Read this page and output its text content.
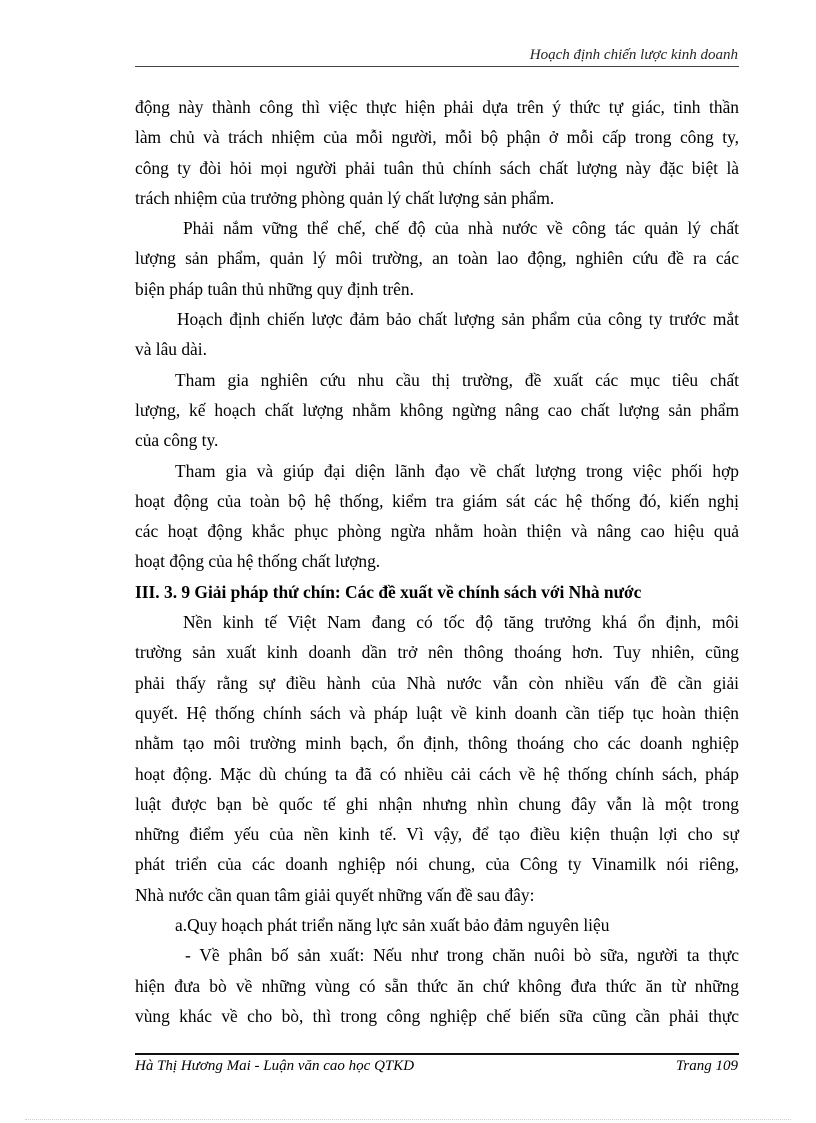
Hoạch định chiến lược kinh doanh
động này thành công thì việc thực hiện phải dựa trên ý thức tự giác, tinh thần
làm chủ và trách nhiệm của mỗi người, mỗi bộ phận ở mỗi cấp trong công ty,
công ty đòi hỏi mọi người phải tuân thủ chính sách chất lượng này đặc biệt là
trách nhiệm của trưởng phòng quản lý chất lượng sản phẩm.
Phải nắm vững thể chế, chế độ của nhà nước về công tác quản lý chất
lượng sản phẩm, quản lý môi trường, an toàn lao động, nghiên cứu đề ra các
biện pháp tuân thủ những quy định trên.
Hoạch định chiến lược đảm bảo chất lượng sản phẩm của công ty trước mắt
và lâu dài.
Tham gia nghiên cứu nhu cầu thị trường, đề xuất các mục tiêu chất
lượng, kế hoạch chất lượng nhằm không ngừng nâng cao chất lượng sản phẩm
của công ty.
Tham gia và giúp đại diện lãnh đạo về chất lượng trong việc phối hợp
hoạt động của toàn bộ hệ thống, kiểm tra giám sát các hệ thống đó, kiến nghị
các hoạt động khắc phục phòng ngừa nhằm hoàn thiện và nâng cao hiệu quả
hoạt động của hệ thống chất lượng.
III. 3. 9 Giải pháp thứ chín: Các đề xuất về chính sách với Nhà nước
Nền kinh tế Việt Nam đang có tốc độ tăng trưởng khá ổn định, môi
trường sản xuất kinh doanh dần trở nên thông thoáng hơn. Tuy nhiên, cũng
phải thấy rằng sự điều hành của Nhà nước vẫn còn nhiều vấn đề cần giải
quyết. Hệ thống chính sách và pháp luật về kinh doanh cần tiếp tục hoàn thiện
nhằm tạo môi trường minh bạch, ổn định, thông thoáng cho các doanh nghiệp
hoạt động. Mặc dù chúng ta đã có nhiều cải cách về hệ thống chính sách, pháp
luật được bạn bè quốc tế ghi nhận nhưng nhìn chung đây vẫn là một trong
những điểm yếu của nền kinh tế. Vì vậy, để tạo điều kiện thuận lợi cho sự
phát triển của các doanh nghiệp nói chung, của Công ty Vinamilk nói riêng,
Nhà nước cần quan tâm giải quyết những vấn đề sau đây:
a.Quy hoạch phát triển năng lực sản xuất bảo đảm nguyên liệu
- Về phân bố sản xuất: Nếu như trong chăn nuôi bò sữa, người ta thực
hiện đưa bò về những vùng có sẵn thức ăn chứ không đưa thức ăn từ những
vùng khác về cho bò, thì trong công nghiệp chế biến sữa cũng cần phải thực
Hà Thị Hương Mai - Luận văn cao học QTKD	Trang 109
